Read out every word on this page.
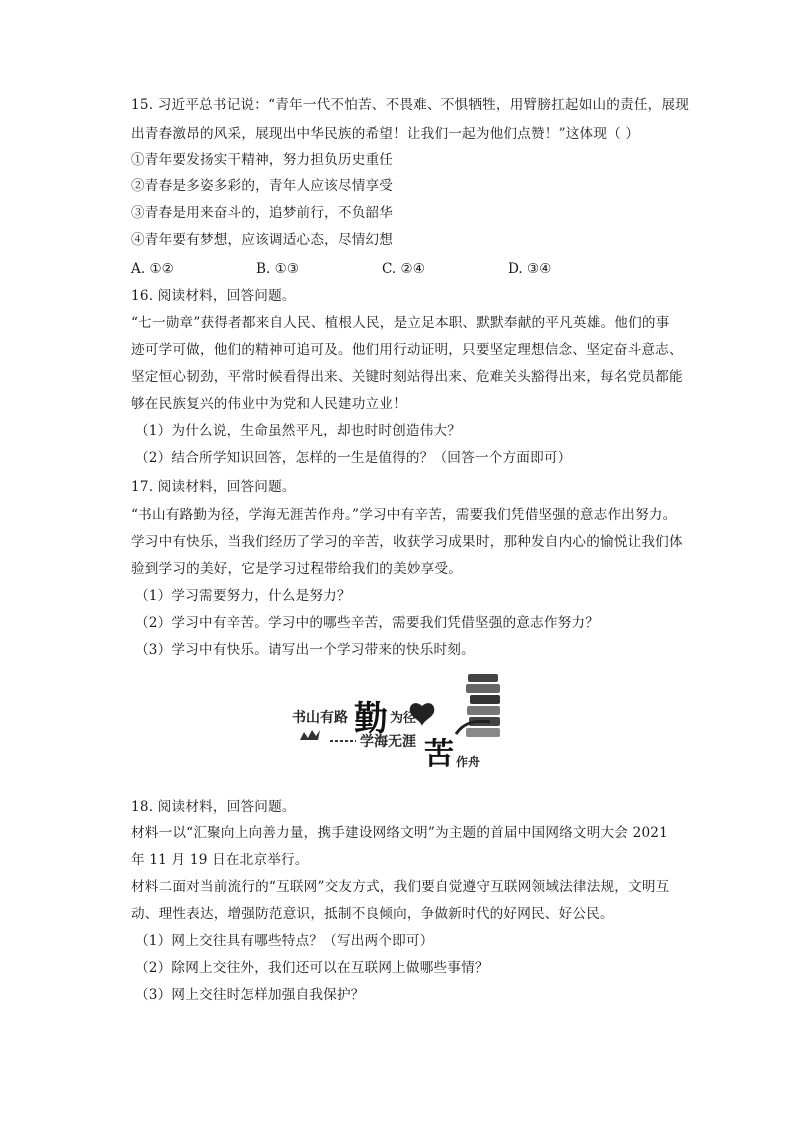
15. 习近平总书记说：“青年一代不怕苦、不畏难、不惧牺牲，用臂膀扛起如山的责任，展现
出青春激昂的风采，展现出中华民族的希望！让我们一起为他们点赞！”这体现（ ）
①青年要发扬实干精神，努力担负历史重任
②青春是多姿多彩的，青年人应该尽情享受
③青春是用来奋斗的，追梦前行，不负韶华
④青年要有梦想，应该调适心态，尽情幻想
A. ①②	B. ①③	C. ②④	D. ③④
16. 阅读材料，回答问题。
“七一勋章”获得者都来自人民、植根人民，是立足本职、默默奉献的平凡英雄。他们的事
迹可学可做，他们的精神可追可及。他们用行动证明，只要坚定理想信念、坚定奋斗意志、
坚定恒心韧劲，平常时候看得出来、关键时刻站得出来、危难关头豁得出来，每名党员都能
够在民族复兴的伟业中为党和人民建功立业！
（1）为什么说，生命虽然平凡，却也时时创造伟大？
（2）结合所学知识回答，怎样的一生是值得的？（回答一个方面即可）
17. 阅读材料，回答问题。
“书山有路勤为径，学海无涯苦作舟。”学习中有辛苦，需要我们凭借坚强的意志作出努力。
学习中有快乐，当我们经历了学习的辛苦，收获学习成果时，那种发自内心的愉悦让我们体
验到学习的美好，它是学习过程带给我们的美妙享受。
（1）学习需要努力，什么是努力？
（2）学习中有辛苦。学习中的哪些辛苦，需要我们凭借坚强的意志作努力？
（3）学习中有快乐。请写出一个学习带来的快乐时刻。
书山有路 勤 为径
学海无涯 苦 作舟
18. 阅读材料，回答问题。
材料一以“汇聚向上向善力量，携手建设网络文明”为主题的首届中国网络文明大会 2021
年 11 月 19 日在北京举行。
材料二面对当前流行的“互联网”交友方式，我们要自觉遵守互联网领域法律法规，文明互
动、理性表达，增强防范意识，抵制不良倾向，争做新时代的好网民、好公民。
（1）网上交往具有哪些特点？（写出两个即可）
（2）除网上交往外，我们还可以在互联网上做哪些事情？
（3）网上交往时怎样加强自我保护？
